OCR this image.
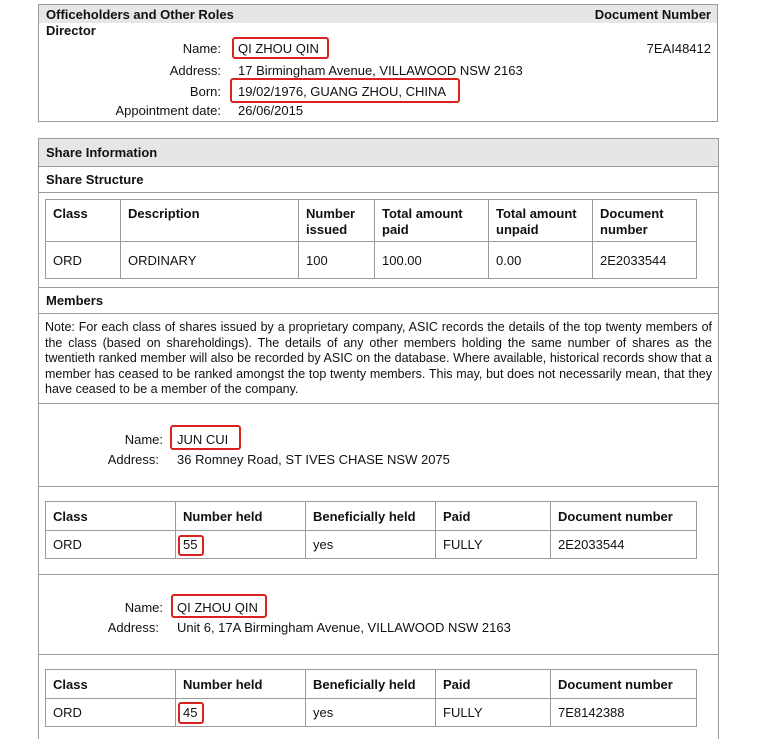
Officeholders and Other Roles	Document Number
Director
Name: QI ZHOU QIN	7EAI48412
Address: 17 Birmingham Avenue, VILLAWOOD NSW 2163
Born: 19/02/1976, GUANG ZHOU, CHINA
Appointment date: 26/06/2015
Share Information
Share Structure
Class	Description	Number issued	Total amount paid	Total amount unpaid	Document number
ORD	ORDINARY	100	100.00	0.00	2E2033544
Members
Note: For each class of shares issued by a proprietary company, ASIC records the details of the top twenty members of the class (based on shareholdings). The details of any other members holding the same number of shares as the twentieth ranked member will also be recorded by ASIC on the database. Where available, historical records show that a member has ceased to be ranked amongst the top twenty members. This may, but does not necessarily mean, that they have ceased to be a member of the company.
Name: JUN CUI
Address: 36 Romney Road, ST IVES CHASE NSW 2075
Class	Number held	Beneficially held	Paid	Document number
ORD	55	yes	FULLY	2E2033544
Name: QI ZHOU QIN
Address: Unit 6, 17A Birmingham Avenue, VILLAWOOD NSW 2163
Class	Number held	Beneficially held	Paid	Document number
ORD	45	yes	FULLY	7E8142388
